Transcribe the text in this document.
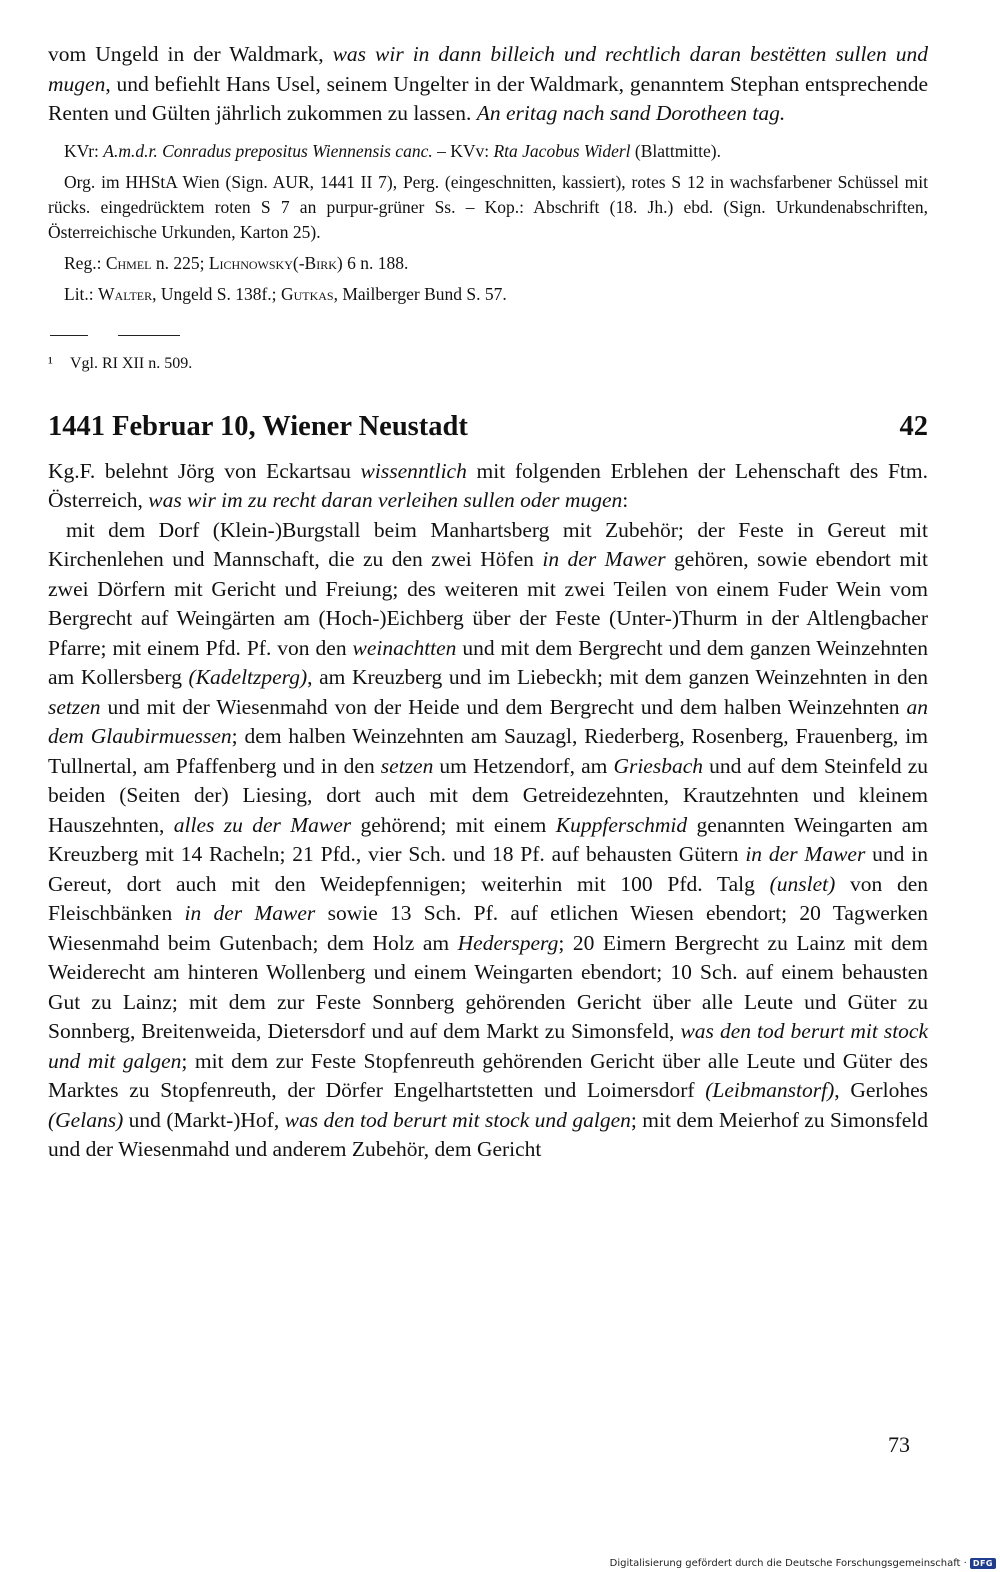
vom Ungeld in der Waldmark, was wir in dann billeich und rechtlich daran bestëtten sullen und mugen, und befiehlt Hans Usel, seinem Ungelter in der Waldmark, genanntem Stephan entsprechende Renten und Gülten jährlich zukommen zu lassen. An eritag nach sand Dorotheen tag.

KVr: A.m.d.r. Conradus prepositus Wiennensis canc. – KVv: Rta Jacobus Widerl (Blattmitte).

Org. im HHStA Wien (Sign. AUR, 1441 II 7), Perg. (eingeschnitten, kassiert), rotes S 12 in wachsfarbener Schüssel mit rücks. eingedrücktem roten S 7 an purpur-grüner Ss. – Kop.: Abschrift (18. Jh.) ebd. (Sign. Urkundenabschriften, Österreichische Urkunden, Karton 25).

Reg.: Chmel n. 225; Lichnowsky(-Birk) 6 n. 188.

Lit.: Walter, Ungeld S. 138f.; Gutkas, Mailberger Bund S. 57.

¹ Vgl. RI XII n. 509.

1441 Februar 10, Wiener Neustadt	42

Kg.F. belehnt Jörg von Eckartsau wissenntlich mit folgenden Erblehen der Lehenschaft des Ftm. Österreich, was wir im zu recht daran verleihen sullen oder mugen:

mit dem Dorf (Klein-)Burgstall beim Manhartsberg mit Zubehör; der Feste in Gereut mit Kirchenlehen und Mannschaft, die zu den zwei Höfen in der Mawer gehören, sowie ebendort mit zwei Dörfern mit Gericht und Freiung; des weiteren mit zwei Teilen von einem Fuder Wein vom Bergrecht auf Weingärten am (Hoch-)Eichberg über der Feste (Unter-)Thurm in der Altlengbacher Pfarre; mit einem Pfd. Pf. von den weinachtten und mit dem Bergrecht und dem ganzen Weinzehnten am Kollersberg (Kadeltzperg), am Kreuzberg und im Liebeckh; mit dem ganzen Weinzehnten in den setzen und mit der Wiesenmahd von der Heide und dem Bergrecht und dem halben Weinzehnten an dem Glaubirmuessen; dem halben Weinzehnten am Sauzagl, Riederberg, Rosenberg, Frauenberg, im Tullnertal, am Pfaffenberg und in den setzen um Hetzendorf, am Griesbach und auf dem Steinfeld zu beiden (Seiten der) Liesing, dort auch mit dem Getreidezehnten, Krautzehnten und kleinem Hauszehnten, alles zu der Mawer gehörend; mit einem Kuppferschmid genannten Weingarten am Kreuzberg mit 14 Racheln; 21 Pfd., vier Sch. und 18 Pf. auf behausten Gütern in der Mawer und in Gereut, dort auch mit den Weidepfennigen; weiterhin mit 100 Pfd. Talg (unslet) von den Fleischbänken in der Mawer sowie 13 Sch. Pf. auf etlichen Wiesen ebendort; 20 Tagwerken Wiesenmahd beim Gutenbach; dem Holz am Hedersperg; 20 Eimern Bergrecht zu Lainz mit dem Weiderecht am hinteren Wollenberg und einem Weingarten ebendort; 10 Sch. auf einem behausten Gut zu Lainz; mit dem zur Feste Sonnberg gehörenden Gericht über alle Leute und Güter zu Sonnberg, Breitenweida, Dietersdorf und auf dem Markt zu Simonsfeld, was den tod berurt mit stock und mit galgen; mit dem zur Feste Stopfenreuth gehörenden Gericht über alle Leute und Güter des Marktes zu Stopfenreuth, der Dörfer Engelhartstetten und Loimersdorf (Leibmanstorf), Gerlohes (Gelans) und (Markt-)Hof, was den tod berurt mit stock und galgen; mit dem Meierhof zu Simonsfeld und der Wiesenmahd und anderem Zubehör, dem Gericht

73
Digitalisierung gefördert durch die Deutsche Forschungsgemeinschaft · DFG
